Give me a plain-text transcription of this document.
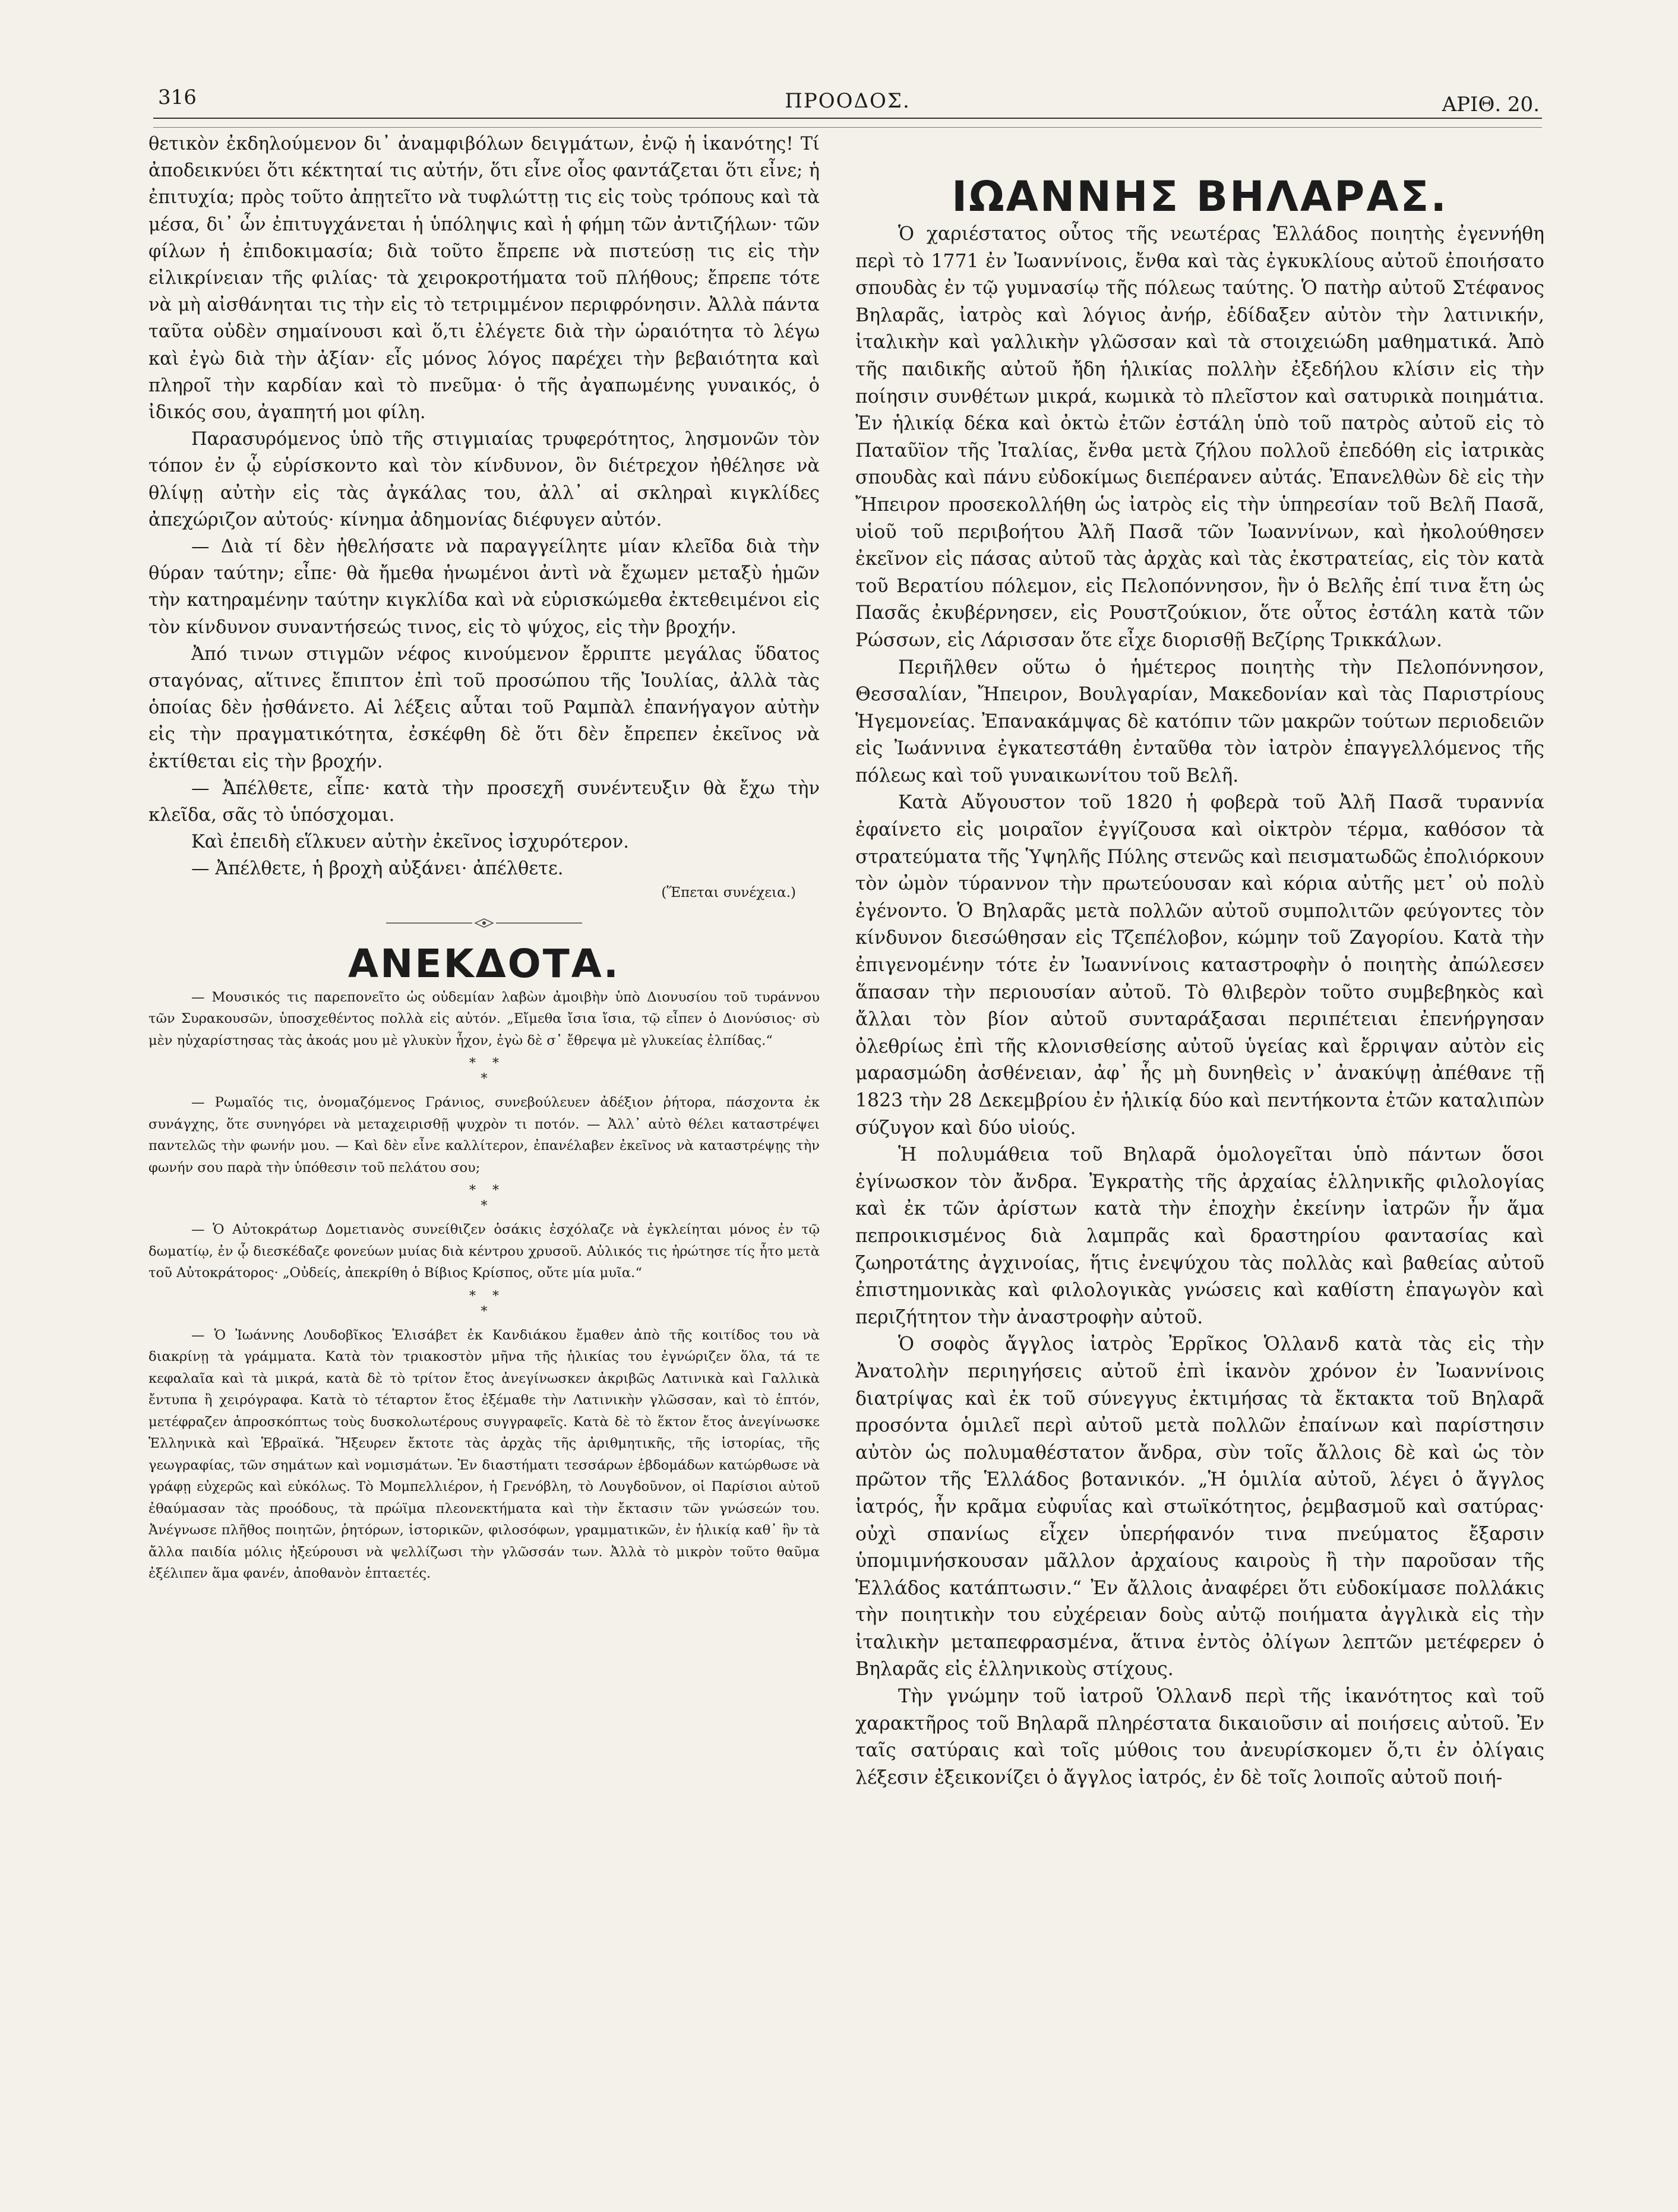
316	ΠΡΟΟΔΟΣ.	ΑΡΙΘ. 20.

θετικὸν ἐκδηλούμενον δι᾽ ἀναμφιβόλων δειγμάτων, ἐνῷ ἡ ἱκανότης! Τί ἀποδεικνύει ὅτι κέκτηταί τις αὐτήν, ὅτι εἶνε οἷος φαντάζεται ὅτι εἶνε; ἡ ἐπιτυχία; πρὸς τοῦτο ἀπῃτεῖτο νὰ τυφλώττῃ τις εἰς τοὺς τρόπους καὶ τὰ μέσα, δι᾽ ὧν ἐπιτυγχάνεται ἡ ὑπόληψις καὶ ἡ φήμη τῶν ἀντιζήλων· τῶν φίλων ἡ ἐπιδοκιμασία; διὰ τοῦτο ἔπρεπε νὰ πιστεύσῃ τις εἰς τὴν εἰλικρίνειαν τῆς φιλίας· τὰ χειροκροτήματα τοῦ πλήθους; ἔπρεπε τότε νὰ μὴ αἰσθάνηται τις τὴν εἰς τὸ τετριμμένον περιφρόνησιν. Ἀλλὰ πάντα ταῦτα οὐδὲν σημαίνουσι καὶ ὅ,τι ἐλέγετε διὰ τὴν ὡραιότητα τὸ λέγω καὶ ἐγὼ διὰ τὴν ἀξίαν· εἷς μόνος λόγος παρέχει τὴν βεβαιότητα καὶ πληροῖ τὴν καρδίαν καὶ τὸ πνεῦμα· ὁ τῆς ἀγαπωμένης γυναικός, ὁ ἰδικός σου, ἀγαπητή μοι φίλη.

Παρασυρόμενος ὑπὸ τῆς στιγμιαίας τρυφερότητος, λησμονῶν τὸν τόπον ἐν ᾧ εὑρίσκοντο καὶ τὸν κίνδυνον, ὃν διέτρεχον ἠθέλησε νὰ θλίψῃ αὐτὴν εἰς τὰς ἀγκάλας του, ἀλλ᾽ αἱ σκληραὶ κιγκλίδες ἀπεχώριζον αὐτούς· κίνημα ἀδημονίας διέφυγεν αὐτόν.

— Διὰ τί δὲν ἠθελήσατε νὰ παραγγείλητε μίαν κλεῖδα διὰ τὴν θύραν ταύτην; εἶπε· θὰ ἤμεθα ἡνωμένοι ἀντὶ νὰ ἔχωμεν μεταξὺ ἡμῶν τὴν κατηραμένην ταύτην κιγκλίδα καὶ νὰ εὑρισκώμεθα ἐκτεθειμένοι εἰς τὸν κίνδυνον συναντήσεώς τινος, εἰς τὸ ψύχος, εἰς τὴν βροχήν.

Ἀπό τινων στιγμῶν νέφος κινούμενον ἔρριπτε μεγάλας ὕδατος σταγόνας, αἵτινες ἔπιπτον ἐπὶ τοῦ προσώπου τῆς Ἰουλίας, ἀλλὰ τὰς ὁποίας δὲν ᾐσθάνετο. Αἱ λέξεις αὗται τοῦ Ραμπὰλ ἐπανήγαγον αὐτὴν εἰς τὴν πραγματικότητα, ἐσκέφθη δὲ ὅτι δὲν ἔπρεπεν ἐκεῖνος νὰ ἐκτίθεται εἰς τὴν βροχήν.

— Ἀπέλθετε, εἶπε· κατὰ τὴν προσεχῆ συνέντευξιν θὰ ἔχω τὴν κλεῖδα, σᾶς τὸ ὑπόσχομαι.

Καὶ ἐπειδὴ εἵλκυεν αὐτὴν ἐκεῖνος ἰσχυρότερον.

— Ἀπέλθετε, ἡ βροχὴ αὐξάνει· ἀπέλθετε.

(Ἕπεται συνέχεια.)

ΑΝΕΚΔΟΤΑ.

— Μουσικός τις παρεπονεῖτο ὡς οὐδεμίαν λαβὼν ἀμοιβὴν ὑπὸ Διονυσίου τοῦ τυράννου τῶν Συρακουσῶν, ὑποσχεθέντος πολλὰ εἰς αὐτόν. „Εἴμεθα ἴσια ἴσια, τῷ εἶπεν ὁ Διονύσιος· σὺ μὲν ηὐχαρίστησας τὰς ἀκοάς μου μὲ γλυκὺν ἦχον, ἐγὼ δὲ σ᾽ ἔθρεψα μὲ γλυκείας ἐλπίδας.“

*    *
*

— Ρωμαῖός τις, ὀνομαζόμενος Γράνιος, συνεβούλευεν ἀδέξιον ῥήτορα, πάσχοντα ἐκ συνάγχης, ὅτε συνηγόρει νὰ μεταχειρισθῇ ψυχρὸν τι ποτόν. — Ἀλλ᾽ αὐτὸ θέλει καταστρέψει παντελῶς τὴν φωνήν μου. — Καὶ δὲν εἶνε καλλίτερον, ἐπανέλαβεν ἐκεῖνος νὰ καταστρέψῃς τὴν φωνήν σου παρὰ τὴν ὑπόθεσιν τοῦ πελάτου σου;

*    *
*

— Ὁ Αὐτοκράτωρ Δομετιανὸς συνείθιζεν ὁσάκις ἐσχόλαζε νὰ ἐγκλείηται μόνος ἐν τῷ δωματίῳ, ἐν ᾧ διεσκέδαζε φονεύων μυίας διὰ κέντρου χρυσοῦ. Αὐλικός τις ἠρώτησε τίς ἦτο μετὰ τοῦ Αὐτοκράτορος· „Οὐδείς, ἀπεκρίθη ὁ Βίβιος Κρίσπος, οὔτε μία μυῖα.“

*    *
*

— Ὁ Ἰωάννης Λουδοβῖκος Ἐλισάβετ ἐκ Κανδιάκου ἔμαθεν ἀπὸ τῆς κοιτίδος του νὰ διακρίνῃ τὰ γράμματα. Κατὰ τὸν τριακοστὸν μῆνα τῆς ἡλικίας του ἐγνώριζεν ὅλα, τά τε κεφαλαῖα καὶ τὰ μικρά, κατὰ δὲ τὸ τρίτον ἔτος ἀνεγίνωσκεν ἀκριβῶς Λατινικὰ καὶ Γαλλικὰ ἔντυπα ἢ χειρόγραφα. Κατὰ τὸ τέταρτον ἔτος ἐξέμαθε τὴν Λατινικὴν γλῶσσαν, καὶ τὸ ἑπτόν, μετέφραζεν ἀπροσκόπτως τοὺς δυσκολωτέρους συγγραφεῖς. Κατὰ δὲ τὸ ἕκτον ἔτος ἀνεγίνωσκε Ἑλληνικὰ καὶ Ἑβραϊκά. Ἤξευρεν ἔκτοτε τὰς ἀρχὰς τῆς ἀριθμητικῆς, τῆς ἱστορίας, τῆς γεωγραφίας, τῶν σημάτων καὶ νομισμάτων. Ἐν διαστήματι τεσσάρων ἑβδομάδων κατώρθωσε νὰ γράφῃ εὐχερῶς καὶ εὐκόλως. Τὸ Μομπελλιέρον, ἡ Γρενόβλη, τὸ Λουγδοῦνον, οἱ Παρίσιοι αὐτοῦ ἐθαύμασαν τὰς προόδους, τὰ πρώϊμα πλεονεκτήματα καὶ τὴν ἔκτασιν τῶν γνώσεών του. Ἀνέγνωσε πλῆθος ποιητῶν, ῥητόρων, ἱστορικῶν, φιλοσόφων, γραμματικῶν, ἐν ἡλικίᾳ καθ᾽ ἣν τὰ ἄλλα παιδία μόλις ἠξεύρουσι νὰ ψελλίζωσι τὴν γλῶσσάν των. Ἀλλὰ τὸ μικρὸν τοῦτο θαῦμα ἐξέλιπεν ἅμα φανέν, ἀποθανὸν ἑπταετές.

ΙΩΑΝΝΗΣ ΒΗΛΑΡΑΣ.

Ὁ χαριέστατος οὗτος τῆς νεωτέρας Ἑλλάδος ποιητὴς ἐγεννήθη περὶ τὸ 1771 ἐν Ἰωαννίνοις, ἔνθα καὶ τὰς ἐγκυκλίους αὐτοῦ ἐποιήσατο σπουδὰς ἐν τῷ γυμνασίῳ τῆς πόλεως ταύτης. Ὁ πατὴρ αὐτοῦ Στέφανος Βηλαρᾶς, ἰατρὸς καὶ λόγιος ἀνήρ, ἐδίδαξεν αὐτὸν τὴν λατινικήν, ἰταλικὴν καὶ γαλλικὴν γλῶσσαν καὶ τὰ στοιχειώδη μαθηματικά. Ἀπὸ τῆς παιδικῆς αὐτοῦ ἤδη ἡλικίας πολλὴν ἐξεδήλου κλίσιν εἰς τὴν ποίησιν συνθέτων μικρά, κωμικὰ τὸ πλεῖστον καὶ σατυρικὰ ποιημάτια. Ἐν ἡλικίᾳ δέκα καὶ ὀκτὼ ἐτῶν ἐστάλη ὑπὸ τοῦ πατρὸς αὐτοῦ εἰς τὸ Παταῦϊον τῆς Ἰταλίας, ἔνθα μετὰ ζήλου πολλοῦ ἐπεδόθη εἰς ἰατρικὰς σπουδὰς καὶ πάνυ εὐδοκίμως διεπέρανεν αὐτάς. Ἐπανελθὼν δὲ εἰς τὴν Ἤπειρον προσεκολλήθη ὡς ἰατρὸς εἰς τὴν ὑπηρεσίαν τοῦ Βελῆ Πασᾶ, υἱοῦ τοῦ περιβοήτου Ἀλῆ Πασᾶ τῶν Ἰωαννίνων, καὶ ἠκολούθησεν ἐκεῖνον εἰς πάσας αὐτοῦ τὰς ἀρχὰς καὶ τὰς ἐκστρατείας, εἰς τὸν κατὰ τοῦ Βερατίου πόλεμον, εἰς Πελοπόννησον, ἣν ὁ Βελῆς ἐπί τινα ἔτη ὡς Πασᾶς ἐκυβέρνησεν, εἰς Ρουστζούκιον, ὅτε οὗτος ἐστάλη κατὰ τῶν Ρώσσων, εἰς Λάρισσαν ὅτε εἶχε διορισθῇ Βεζίρης Τρικκάλων.

Περιῆλθεν οὕτω ὁ ἡμέτερος ποιητὴς τὴν Πελοπόννησον, Θεσσαλίαν, Ἤπειρον, Βουλγαρίαν, Μακεδονίαν καὶ τὰς Παριστρίους Ἡγεμονείας. Ἐπανακάμψας δὲ κατόπιν τῶν μακρῶν τούτων περιοδειῶν εἰς Ἰωάννινα ἐγκατεστάθη ἐνταῦθα τὸν ἰατρὸν ἐπαγγελλόμενος τῆς πόλεως καὶ τοῦ γυναικωνίτου τοῦ Βελῆ.

Κατὰ Αὔγουστον τοῦ 1820 ἡ φοβερὰ τοῦ Ἀλῆ Πασᾶ τυραννία ἐφαίνετο εἰς μοιραῖον ἐγγίζουσα καὶ οἰκτρὸν τέρμα, καθόσον τὰ στρατεύματα τῆς Ὑψηλῆς Πύλης στενῶς καὶ πεισματωδῶς ἐπολιόρκουν τὸν ὠμὸν τύραννον τὴν πρωτεύουσαν καὶ κόρια αὐτῆς μετ᾽ οὐ πολὺ ἐγένοντο. Ὁ Βηλαρᾶς μετὰ πολλῶν αὐτοῦ συμπολιτῶν φεύγοντες τὸν κίνδυνον διεσώθησαν εἰς Τζεπέλοβον, κώμην τοῦ Ζαγορίου. Κατὰ τὴν ἐπιγενομένην τότε ἐν Ἰωαννίνοις καταστροφὴν ὁ ποιητὴς ἀπώλεσεν ἅπασαν τὴν περιουσίαν αὐτοῦ. Τὸ θλιβερὸν τοῦτο συμβεβηκὸς καὶ ἄλλαι τὸν βίον αὐτοῦ συνταράξασαι περιπέτειαι ἐπενήργησαν ὀλεθρίως ἐπὶ τῆς κλονισθείσης αὐτοῦ ὑγείας καὶ ἔρριψαν αὐτὸν εἰς μαρασμώδη ἀσθένειαν, ἀφ᾽ ἧς μὴ δυνηθεὶς ν᾽ ἀνακύψῃ ἀπέθανε τῇ 1823 τὴν 28 Δεκεμβρίου ἐν ἡλικίᾳ δύο καὶ πεντήκοντα ἐτῶν καταλιπὼν σύζυγον καὶ δύο υἱούς.

Ἡ πολυμάθεια τοῦ Βηλαρᾶ ὁμολογεῖται ὑπὸ πάντων ὅσοι ἐγίνωσκον τὸν ἄνδρα. Ἐγκρατὴς τῆς ἀρχαίας ἑλληνικῆς φιλολογίας καὶ ἐκ τῶν ἀρίστων κατὰ τὴν ἐποχὴν ἐκείνην ἰατρῶν ἦν ἅμα πεπροικισμένος διὰ λαμπρᾶς καὶ δραστηρίου φαντασίας καὶ ζωηροτάτης ἀγχινοίας, ἥτις ἐνεψύχου τὰς πολλὰς καὶ βαθείας αὐτοῦ ἐπιστημονικὰς καὶ φιλολογικὰς γνώσεις καὶ καθίστη ἐπαγωγὸν καὶ περιζήτητον τὴν ἀναστροφὴν αὐτοῦ.

Ὁ σοφὸς ἄγγλος ἰατρὸς Ἐρρῖκος Ὁλλανδ κατὰ τὰς εἰς τὴν Ἀνατολὴν περιηγήσεις αὐτοῦ ἐπὶ ἱκανὸν χρόνον ἐν Ἰωαννίνοις διατρίψας καὶ ἐκ τοῦ σύνεγγυς ἐκτιμήσας τὰ ἔκτακτα τοῦ Βηλαρᾶ προσόντα ὁμιλεῖ περὶ αὐτοῦ μετὰ πολλῶν ἐπαίνων καὶ παρίστησιν αὐτὸν ὡς πολυμαθέστατον ἄνδρα, σὺν τοῖς ἄλλοις δὲ καὶ ὡς τὸν πρῶτον τῆς Ἑλλάδος βοτανικόν. „Ἡ ὁμιλία αὐτοῦ, λέγει ὁ ἄγγλος ἰατρός, ἦν κρᾶμα εὐφυΐας καὶ στωϊκότητος, ῥεμβασμοῦ καὶ σατύρας· οὐχὶ σπανίως εἶχεν ὑπερήφανόν τινα πνεύματος ἔξαρσιν ὑπομιμνήσκουσαν μᾶλλον ἀρχαίους καιροὺς ἢ τὴν παροῦσαν τῆς Ἑλλάδος κατάπτωσιν.“ Ἐν ἄλλοις ἀναφέρει ὅτι εὐδοκίμασε πολλάκις τὴν ποιητικὴν του εὐχέρειαν δοὺς αὐτῷ ποιήματα ἀγγλικὰ εἰς τὴν ἰταλικὴν μεταπεφρασμένα, ἅτινα ἐντὸς ὀλίγων λεπτῶν μετέφερεν ὁ Βηλαρᾶς εἰς ἑλληνικοὺς στίχους.

Τὴν γνώμην τοῦ ἰατροῦ Ὁλλανδ περὶ τῆς ἱκανότητος καὶ τοῦ χαρακτῆρος τοῦ Βηλαρᾶ πληρέστατα δικαιοῦσιν αἱ ποιήσεις αὐτοῦ. Ἐν ταῖς σατύραις καὶ τοῖς μύθοις του ἀνευρίσκομεν ὅ,τι ἐν ὀλίγαις λέξεσιν ἐξεικονίζει ὁ ἄγγλος ἰατρός, ἐν δὲ τοῖς λοιποῖς αὐτοῦ ποιή-
